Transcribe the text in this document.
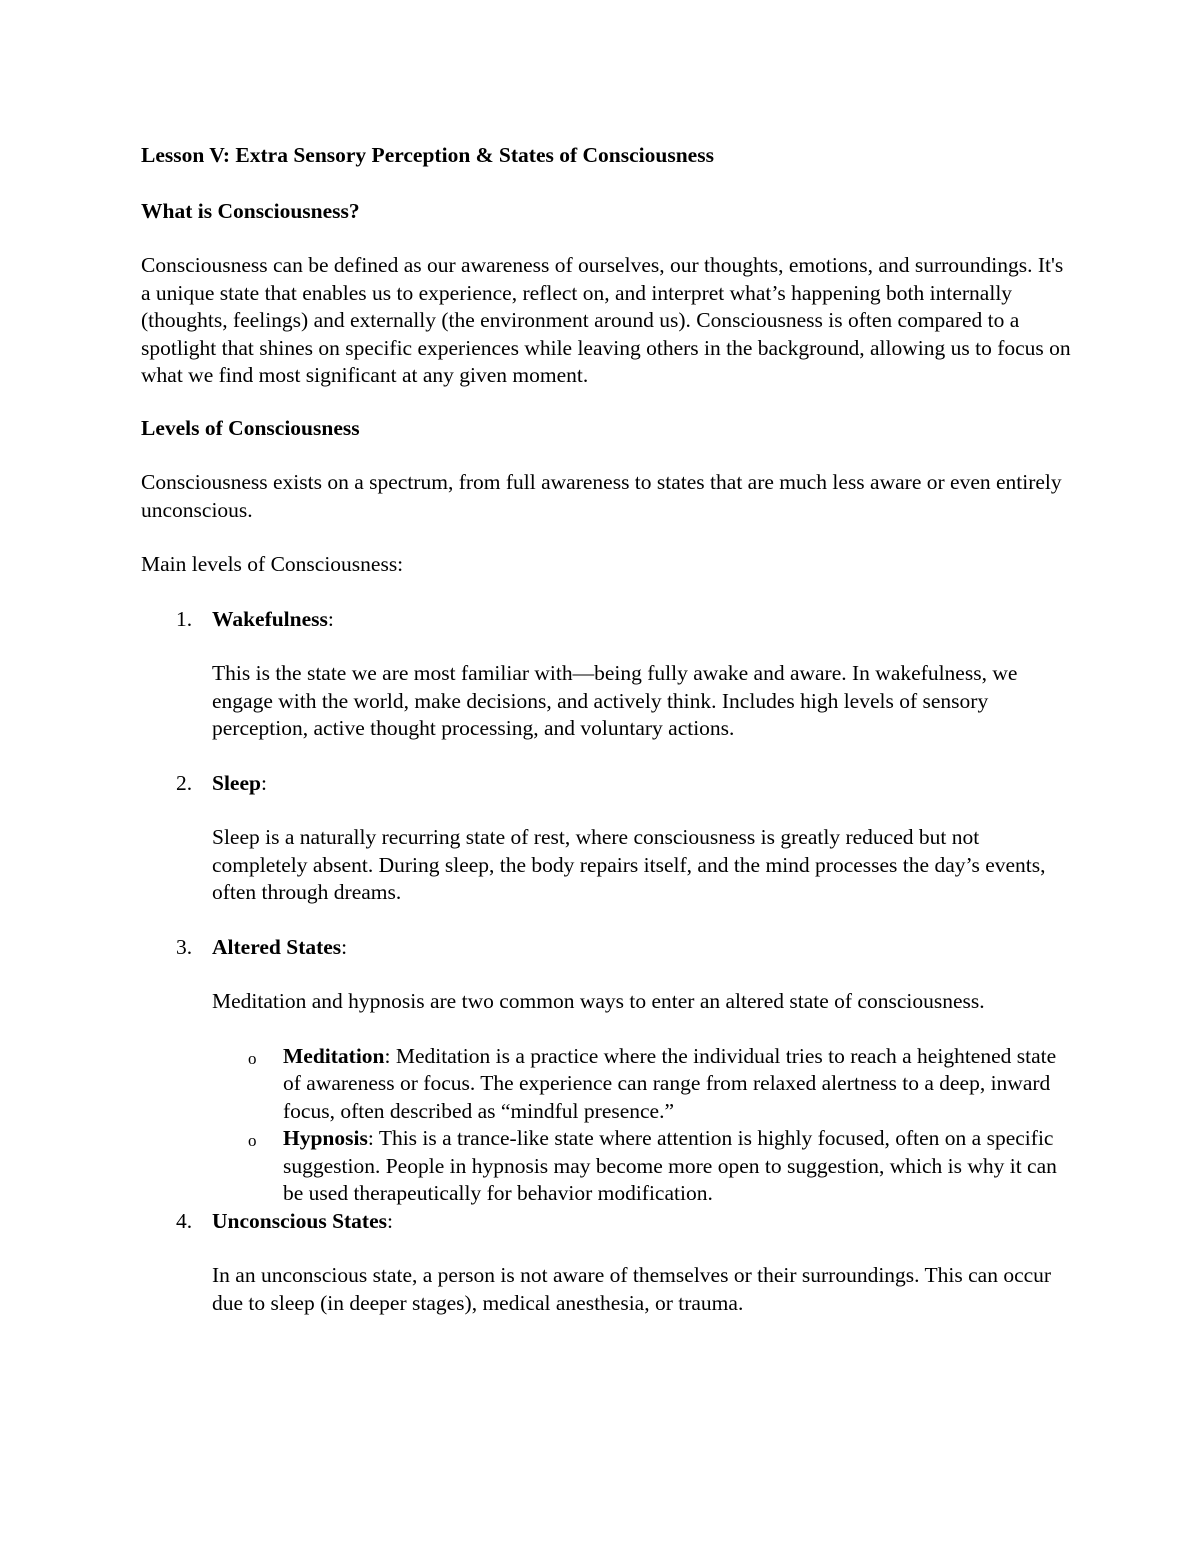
Lesson V: Extra Sensory Perception & States of Consciousness

What is Consciousness?

Consciousness can be defined as our awareness of ourselves, our thoughts, emotions, and surroundings. It's a unique state that enables us to experience, reflect on, and interpret what’s happening both internally (thoughts, feelings) and externally (the environment around us). Consciousness is often compared to a spotlight that shines on specific experiences while leaving others in the background, allowing us to focus on what we find most significant at any given moment.

Levels of Consciousness

Consciousness exists on a spectrum, from full awareness to states that are much less aware or even entirely unconscious.

Main levels of Consciousness:

1. Wakefulness:

This is the state we are most familiar with—being fully awake and aware. In wakefulness, we engage with the world, make decisions, and actively think. Includes high levels of sensory perception, active thought processing, and voluntary actions.

2. Sleep:

Sleep is a naturally recurring state of rest, where consciousness is greatly reduced but not completely absent. During sleep, the body repairs itself, and the mind processes the day’s events, often through dreams.

3. Altered States:

Meditation and hypnosis are two common ways to enter an altered state of consciousness.

o Meditation: Meditation is a practice where the individual tries to reach a heightened state of awareness or focus. The experience can range from relaxed alertness to a deep, inward focus, often described as “mindful presence.”
o Hypnosis: This is a trance-like state where attention is highly focused, often on a specific suggestion. People in hypnosis may become more open to suggestion, which is why it can be used therapeutically for behavior modification.
4. Unconscious States:

In an unconscious state, a person is not aware of themselves or their surroundings. This can occur due to sleep (in deeper stages), medical anesthesia, or trauma.
